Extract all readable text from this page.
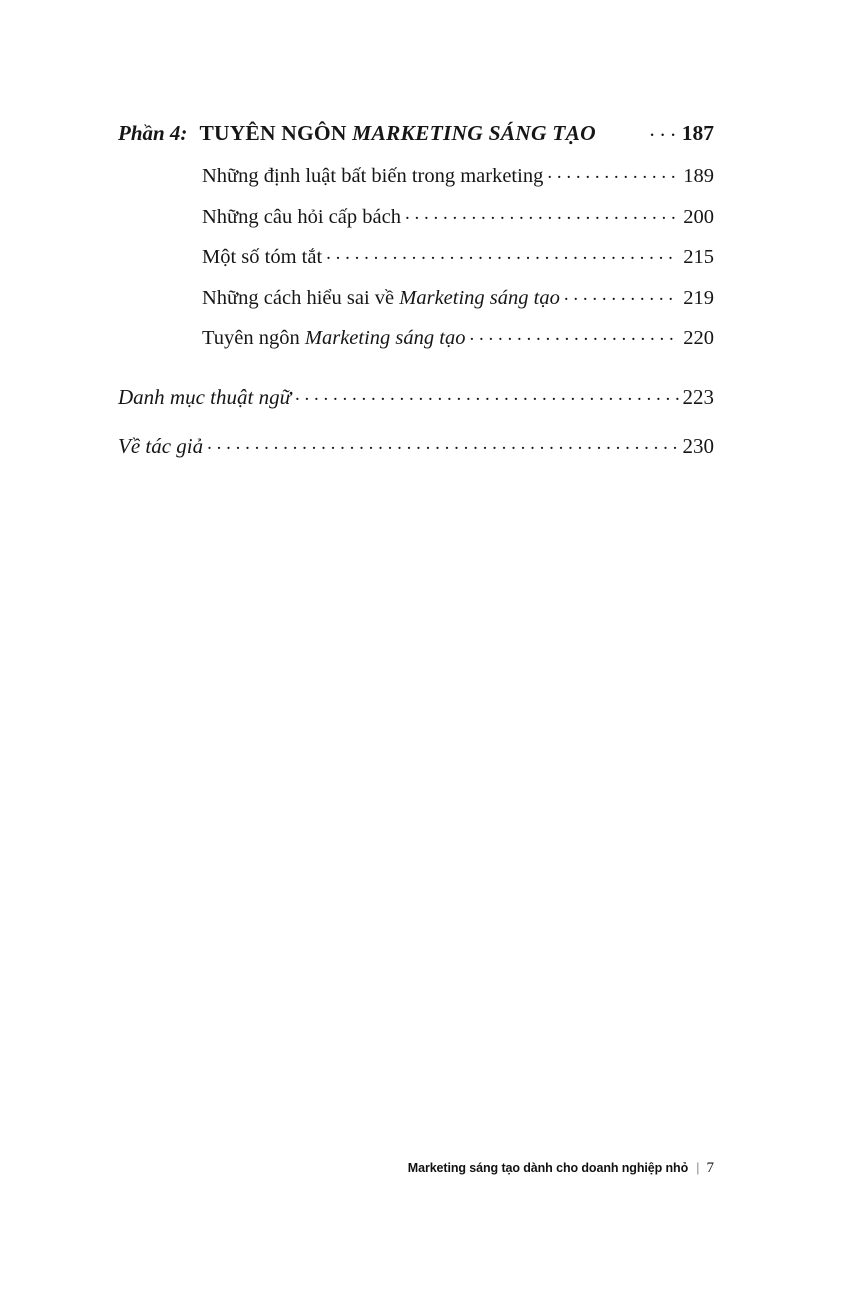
Phần 4: TUYÊN NGÔN MARKETING SÁNG TẠO . . .	187
Những định luật bất biến trong marketing . . .	189
Những câu hỏi cấp bách . . .	200
Một số tóm tắt . . .	215
Những cách hiểu sai về Marketing sáng tạo . . .	219
Tuyên ngôn Marketing sáng tạo . . .	220
Danh mục thuật ngữ . . .	223
Về tác giả . . .	230
Marketing sáng tạo dành cho doanh nghiệp nhỏ | 7
